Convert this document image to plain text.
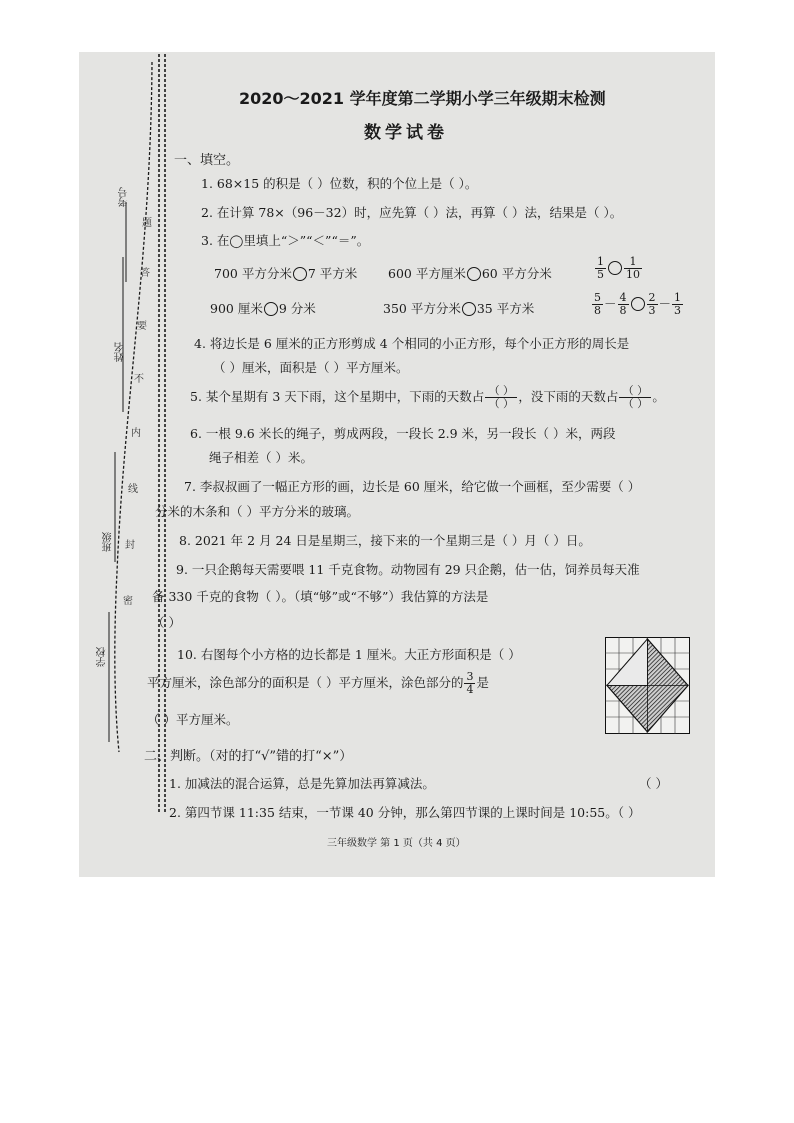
考号
姓名
班级
学校
题
答
要
不
内
线
封
密
2020～2021 学年度第二学期小学三年级期末检测
数学试卷
一、填空。
1. 68×15 的积是（ ）位数，积的个位上是（ ）。
2. 在计算 78×（96－32）时，应先算（ ）法，再算（ ）法，结果是（ ）。
3. 在◯里填上“＞”“＜”“＝”。
700 平方分米 7 平方米 600 平方厘米 60 平方分米	$\frac{1}{5} \frac{1}{10}$
900 厘米 9 分米	350 平方分米 35 平方米	$\frac{5}{8} - \frac{4}{8} \frac{2}{3} - \frac{1}{3}$
4. 将边长是 6 厘米的正方形剪成 4 个相同的小正方形，每个小正方形的周长是
（ ）厘米，面积是（ ）平方厘米。
5. 某个星期有 3 天下雨，这个星期中，下雨的天数占 $\frac{( )}{( )}$ ，没下雨的天数占 $\frac{( )}{( )}$ 。
6. 一根 9.6 米长的绳子，剪成两段，一段长 2.9 米，另一段长（ ）米，两段
绳子相差（ ）米。
7. 李叔叔画了一幅正方形的画，边长是 60 厘米，给它做一个画框，至少需要（ ）
分米的木条和（ ）平方分米的玻璃。
8. 2021 年 2 月 24 日是星期三，接下来的一个星期三是（ ）月（ ）日。
9. 一只企鹅每天需要喂 11 千克食物。动物园有 29 只企鹅，估一估，饲养员每天准
备 330 千克的食物（ ）。（填“够”或“不够”）我估算的方法是
（ ）
10. 右图每个小方格的边长都是 1 厘米。大正方形面积是（ ）
平方厘米，涂色部分的面积是（ ）平方厘米，涂色部分的 $\frac{3}{4}$ 是
（ ）平方厘米。
二、判断。（对的打“√”错的打“×”）
1. 加减法的混合运算，总是先算加法再算减法。	（ ）
2. 第四节课 11:35 结束，一节课 40 分钟，那么第四节课的上课时间是 10:55。（ ）
三年级数学 第 1 页（共 4 页）
